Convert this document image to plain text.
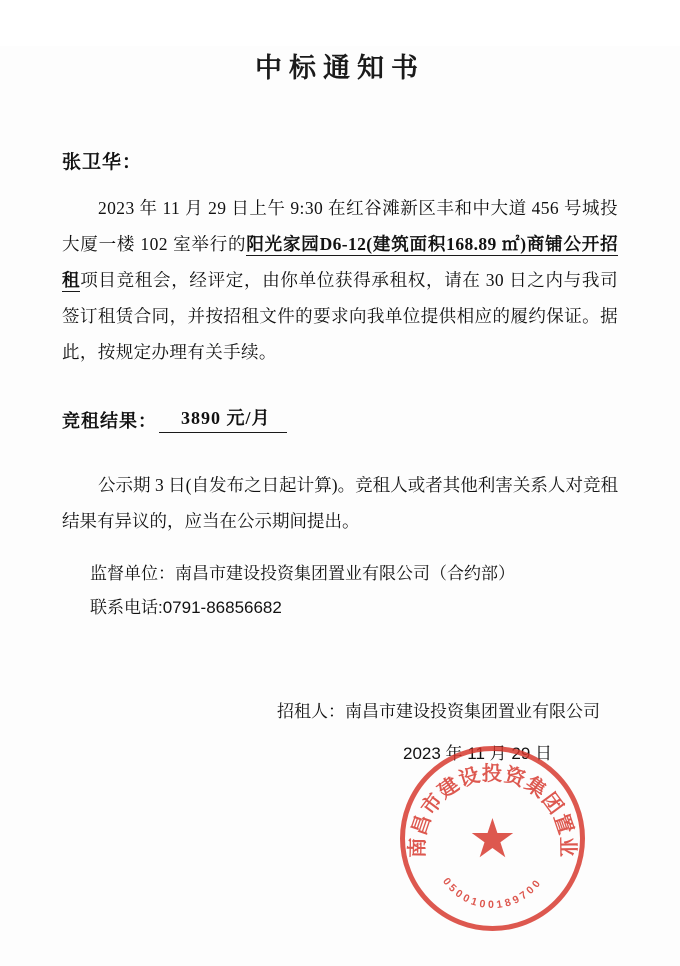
中标通知书
张卫华：

2023 年 11 月 29 日上午 9:30 在红谷滩新区丰和中大道 456 号城投大厦一楼 102 室举行的阳光家园D6-12(建筑面积168.89 ㎡)商铺公开招租项目竞租会，经评定，由你单位获得承租权，请在 30 日之内与我司签订租赁合同，并按招租文件的要求向我单位提供相应的履约保证。据此，按规定办理有关手续。

竞租结果：	3890 元/月

公示期 3 日(自发布之日起计算)。竞租人或者其他利害关系人对竞租结果有异议的，应当在公示期间提出。

监督单位：南昌市建设投资集团置业有限公司（合约部）
联系电话:0791-86856682
招租人：南昌市建设投资集团置业有限公司
2023 年 11 月 29 日
南昌市建设投资集团置业
0500100189700
★
